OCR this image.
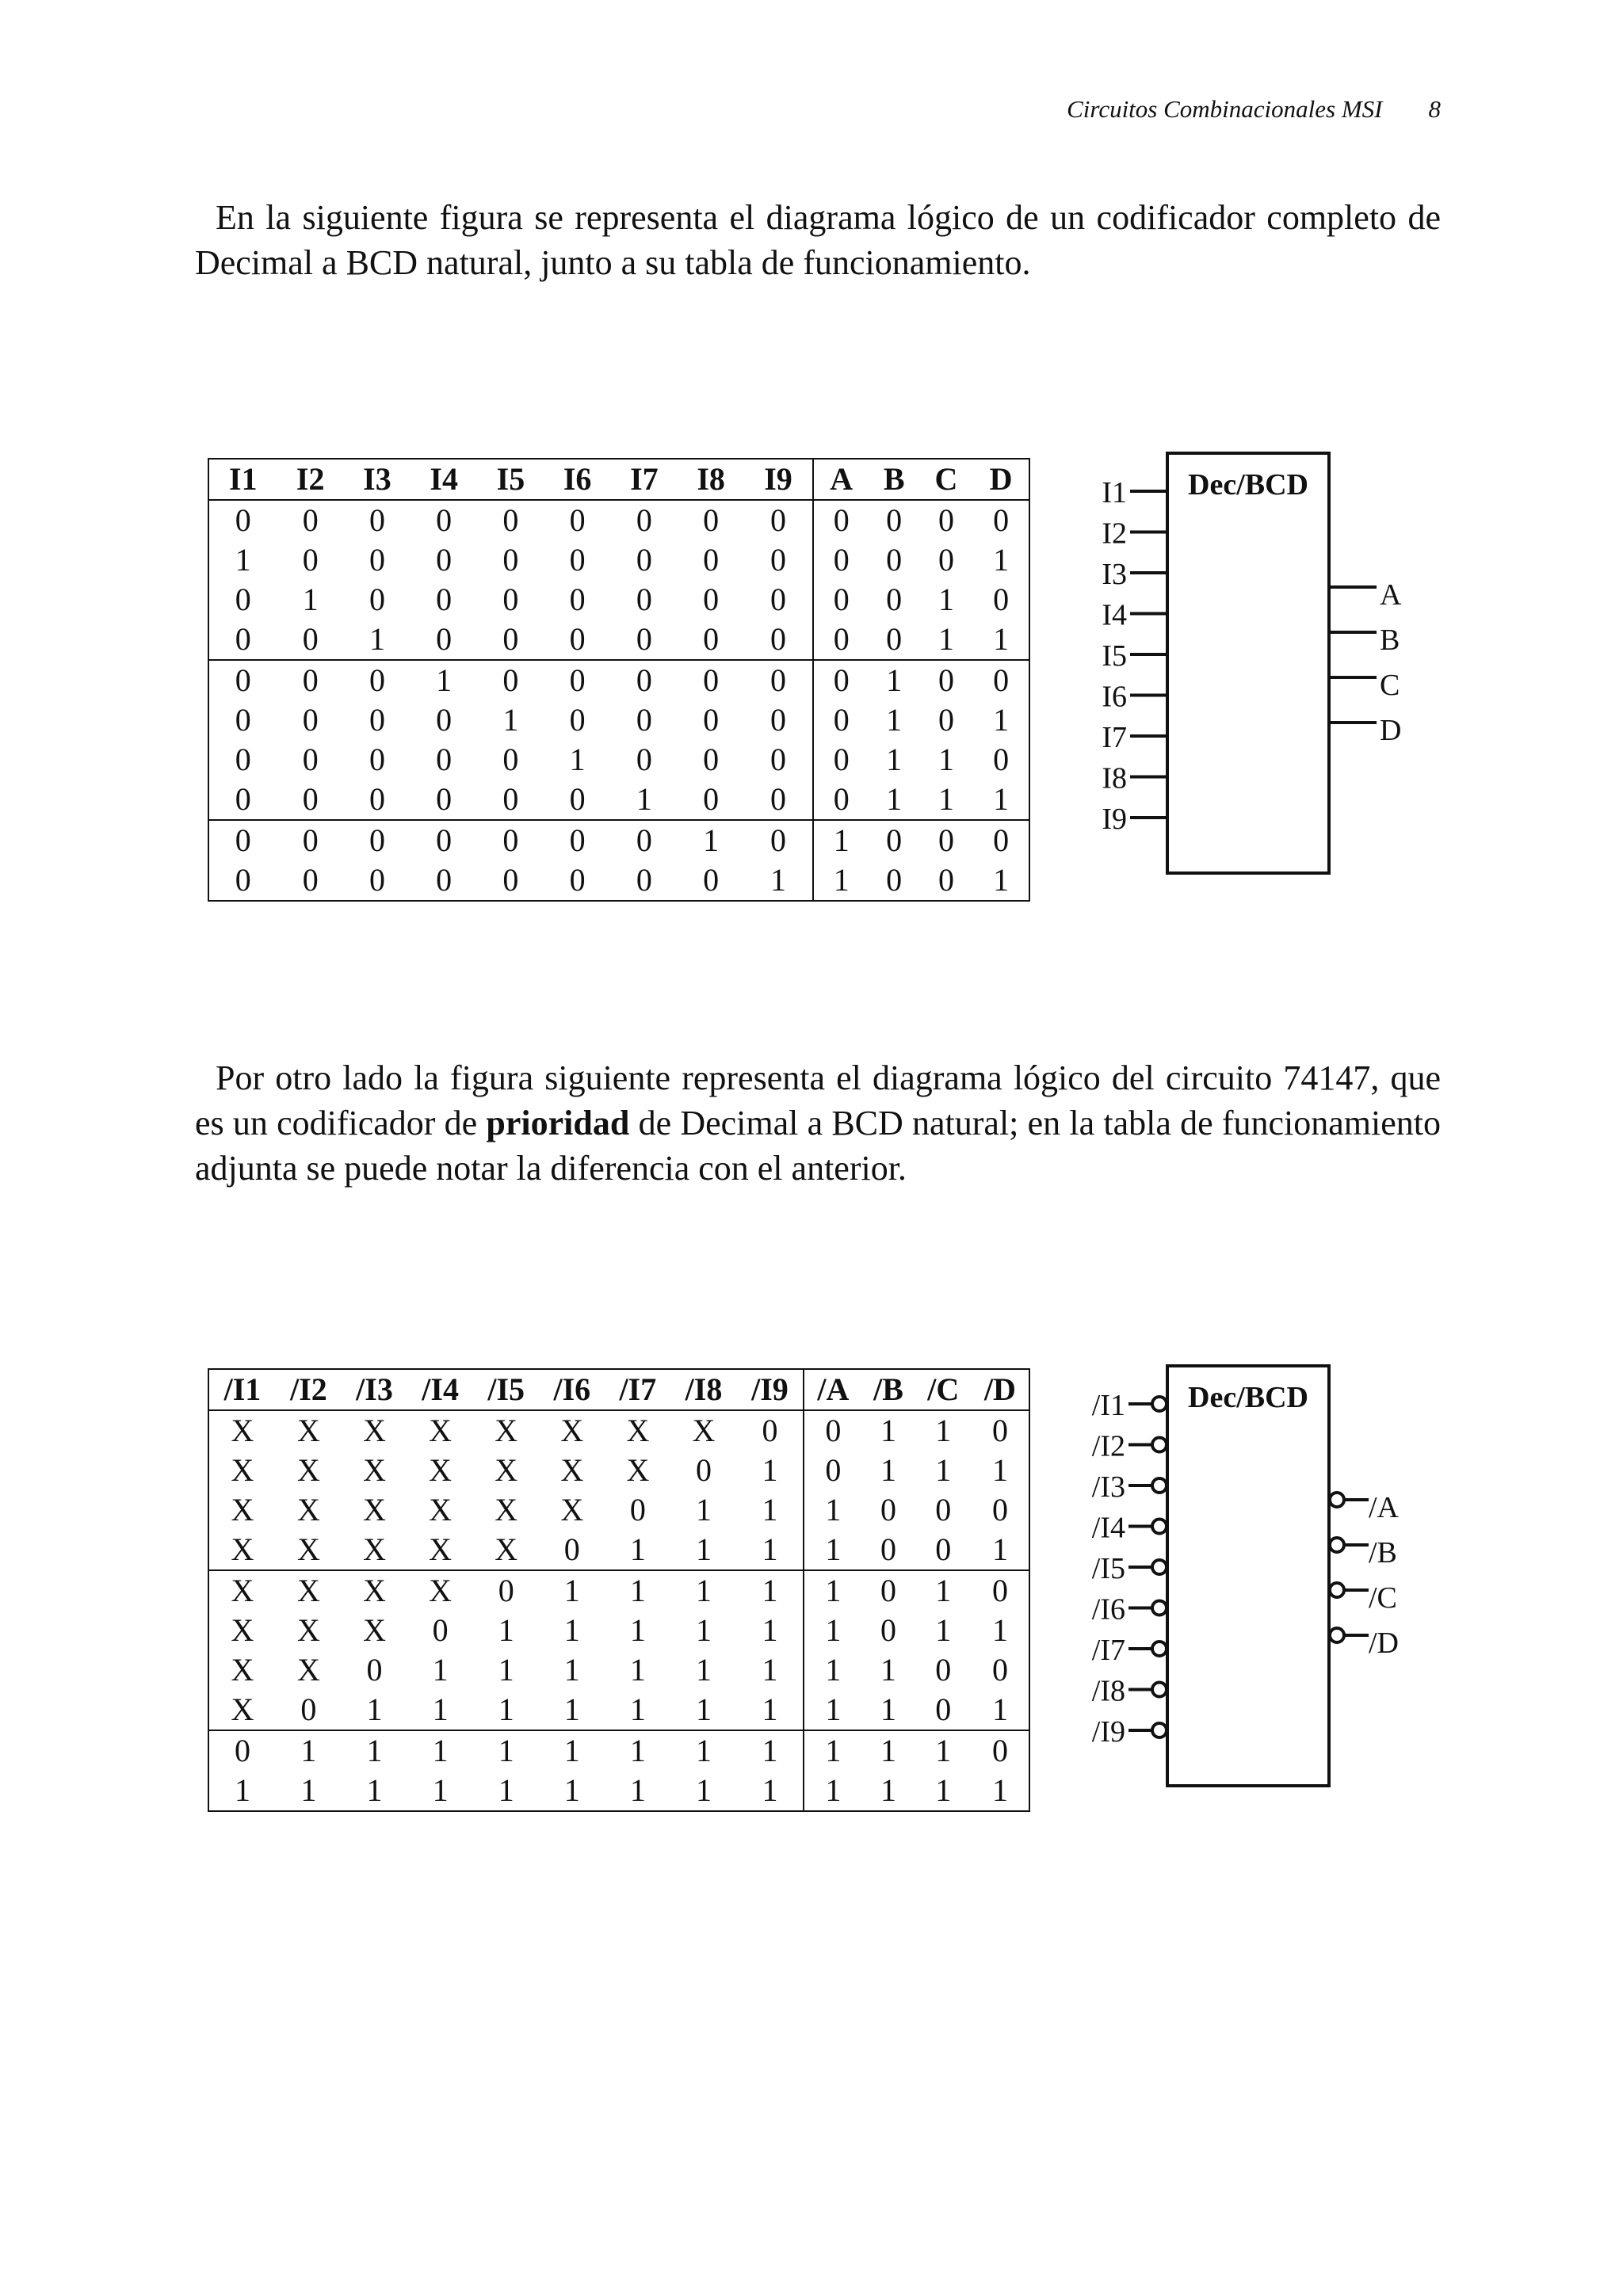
Circuitos Combinacionales MSI 8

En la siguiente figura se representa el diagrama lógico de un codificador completo de Decimal a BCD natural, junto a su tabla de funcionamiento.

I1	I2	I3	I4	I5	I6	I7	I8	I9	A	B	C	D
0	0	0	0	0	0	0	0	0	0	0	0	0
1	0	0	0	0	0	0	0	0	0	0	0	1
0	1	0	0	0	0	0	0	0	0	0	1	0
0	0	1	0	0	0	0	0	0	0	0	1	1
0	0	0	1	0	0	0	0	0	0	1	0	0
0	0	0	0	1	0	0	0	0	0	1	0	1
0	0	0	0	0	1	0	0	0	0	1	1	0
0	0	0	0	0	0	1	0	0	0	1	1	1
0	0	0	0	0	0	0	1	0	1	0	0	0
0	0	0	0	0	0	0	0	1	1	0	0	1
Dec/BCD
I1
I2
I3
I4
I5
I6
I7
I8
I9
A
B
C
D

Por otro lado la figura siguiente representa el diagrama lógico del circuito 74147, que es un codificador de prioridad de Decimal a BCD natural; en la tabla de funcionamiento adjunta se puede notar la diferencia con el anterior.

/I1	/I2	/I3	/I4	/I5	/I6	/I7	/I8	/I9	/A	/B	/C	/D
X	X	X	X	X	X	X	X	0	0	1	1	0
X	X	X	X	X	X	X	0	1	0	1	1	1
X	X	X	X	X	X	0	1	1	1	0	0	0
X	X	X	X	X	0	1	1	1	1	0	0	1
X	X	X	X	0	1	1	1	1	1	0	1	0
X	X	X	0	1	1	1	1	1	1	0	1	1
X	X	0	1	1	1	1	1	1	1	1	0	0
X	0	1	1	1	1	1	1	1	1	1	0	1
0	1	1	1	1	1	1	1	1	1	1	1	0
1	1	1	1	1	1	1	1	1	1	1	1	1
Dec/BCD
/I1
/I2
/I3
/I4
/I5
/I6
/I7
/I8
/I9
/A
/B
/C
/D
